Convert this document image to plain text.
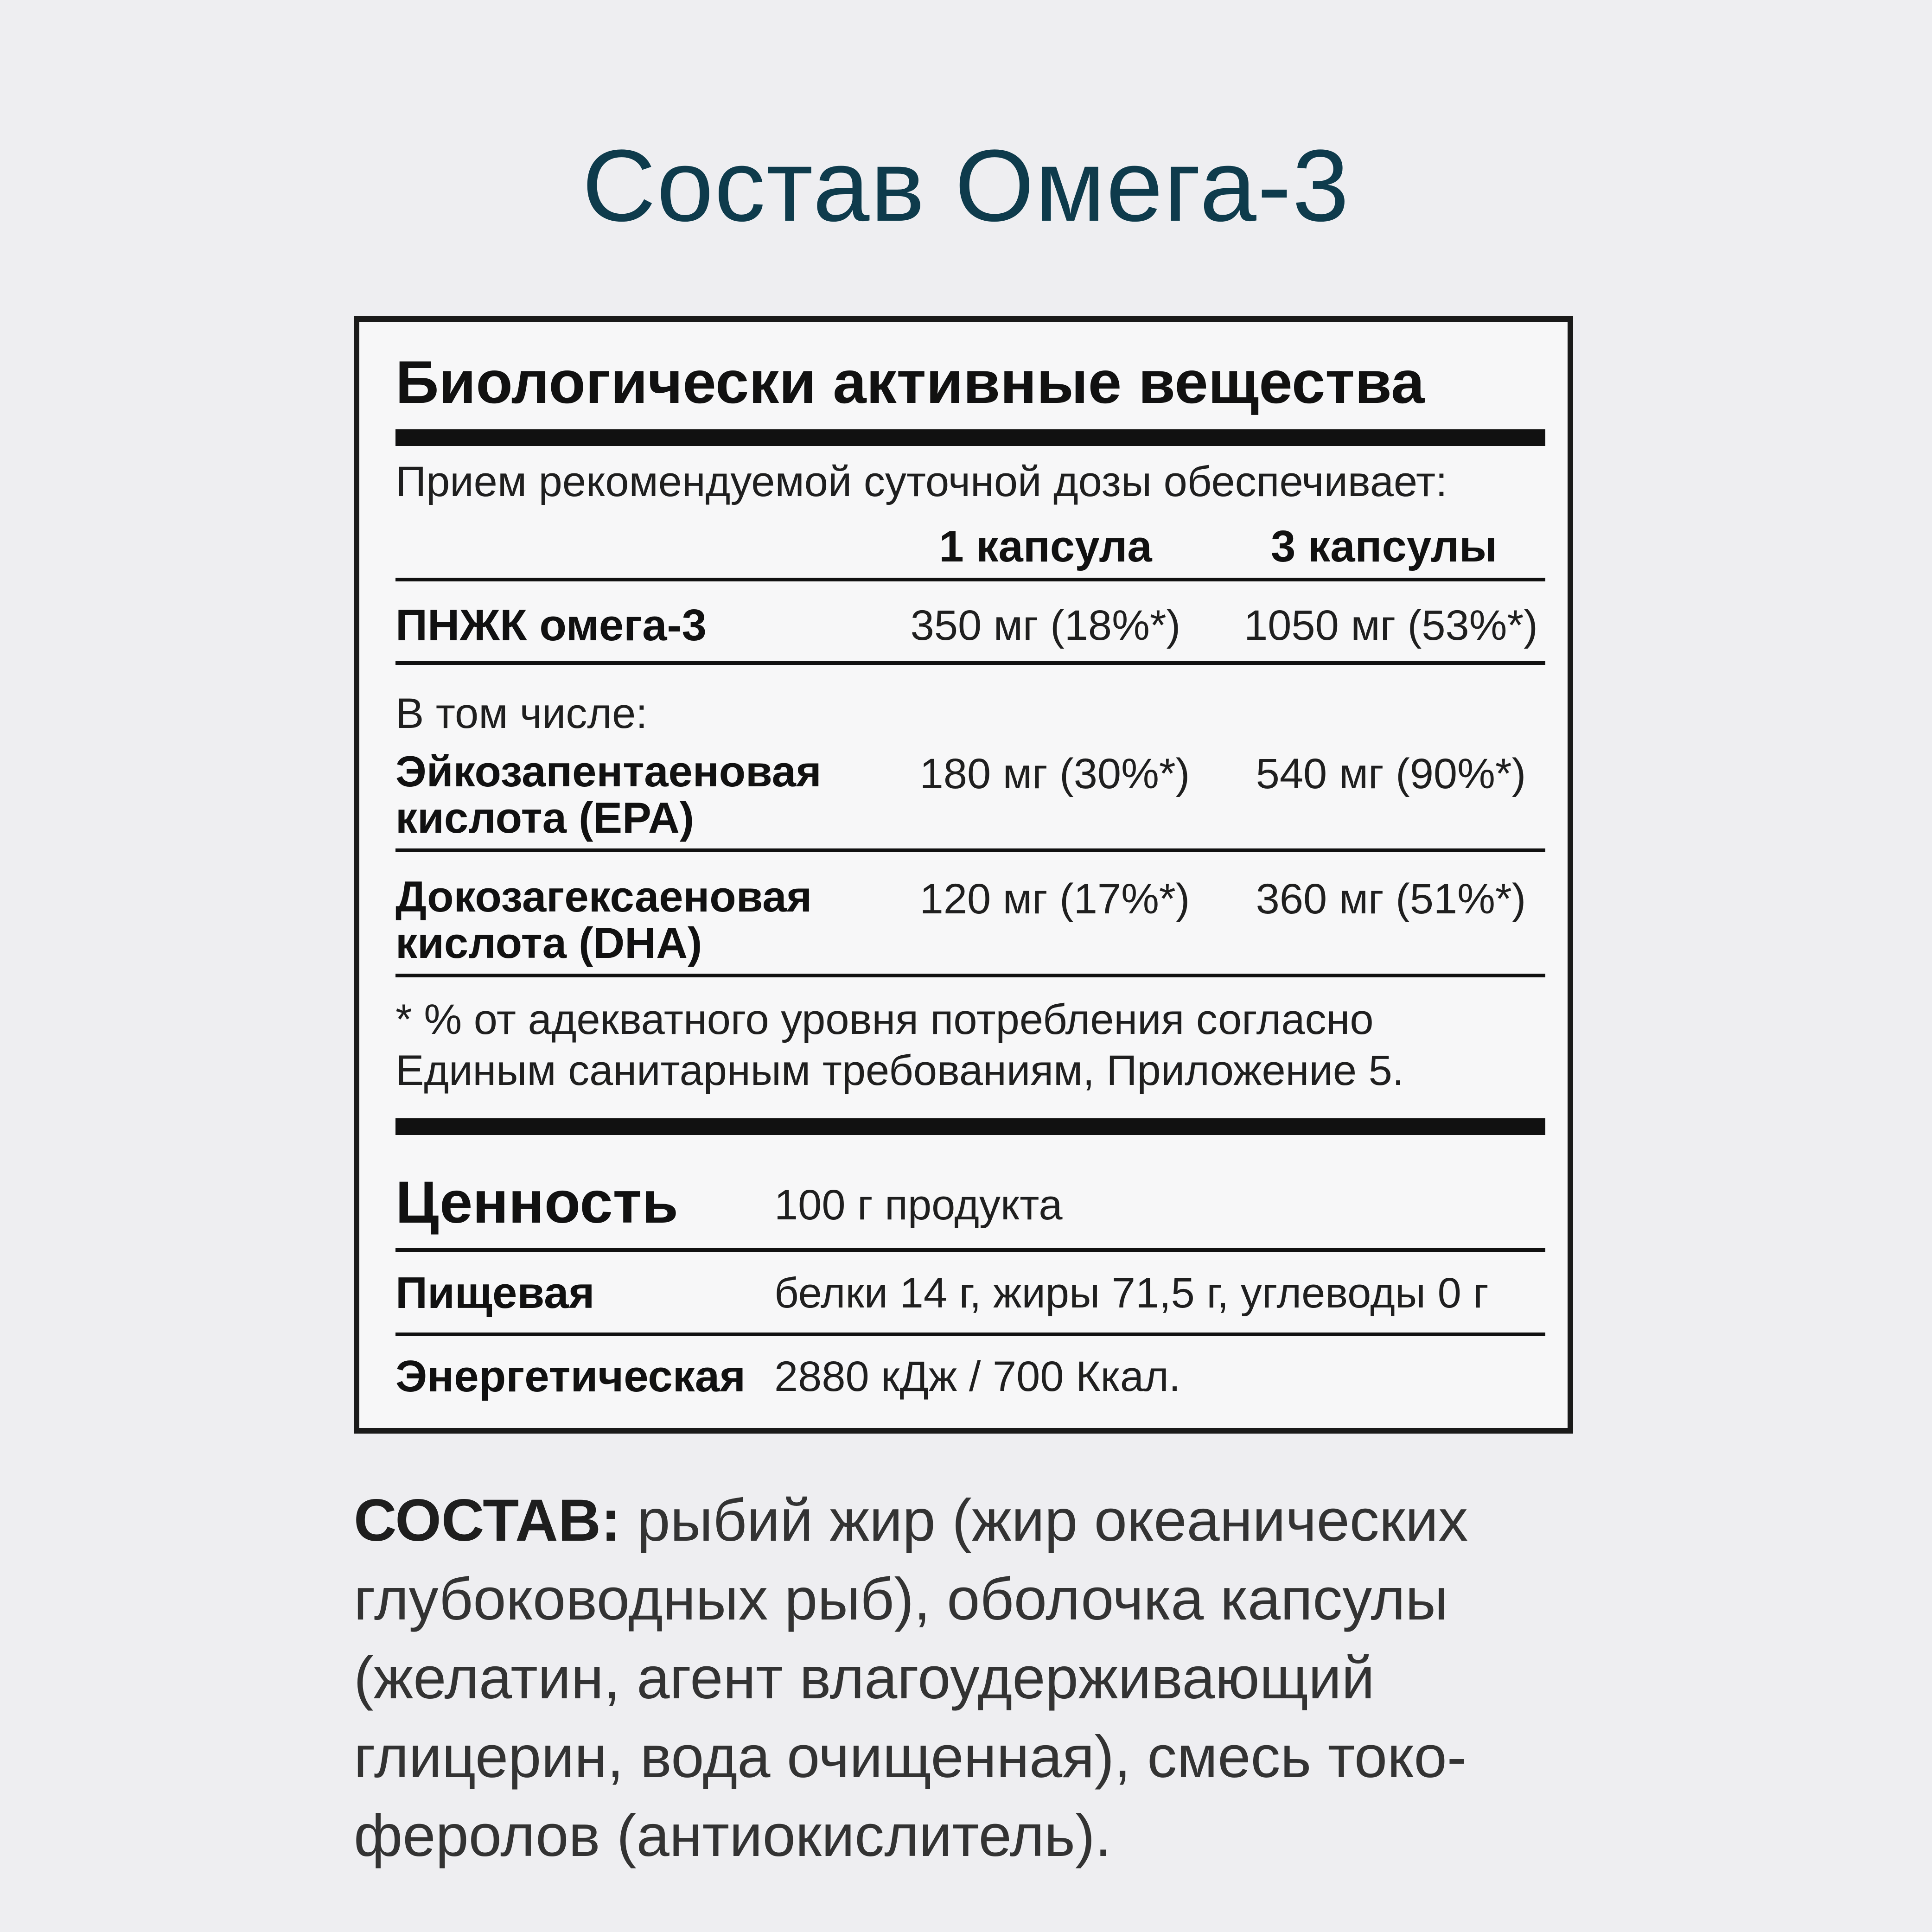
Состав Омега-3
Биологически активные вещества
Прием рекомендуемой суточной дозы обеспечивает:
1 капсула	3 капсулы
ПНЖК омега-3	350 мг (18%*)	1050 мг (53%*)
В том числе:
Эйкозапентаеновая
кислота (EPA)
180 мг (30%*)	540 мг (90%*)
Докозагексаеновая
кислота (DHA)
120 мг (17%*)	360 мг (51%*)
* % от адекватного уровня потребления согласно
Единым санитарным требованиям, Приложение 5.
Ценность 100 г продукта
Пищевая	белки 14 г, жиры 71,5 г, углеводы 0 г
Энергетическая 2880 кДж / 700 Ккал.
СОСТАВ: рыбий жир (жир океанических
глубоководных рыб), оболочка капсулы
(желатин, агент влагоудерживающий
глицерин, вода очищенная), смесь токо-
феролов (антиокислитель).
